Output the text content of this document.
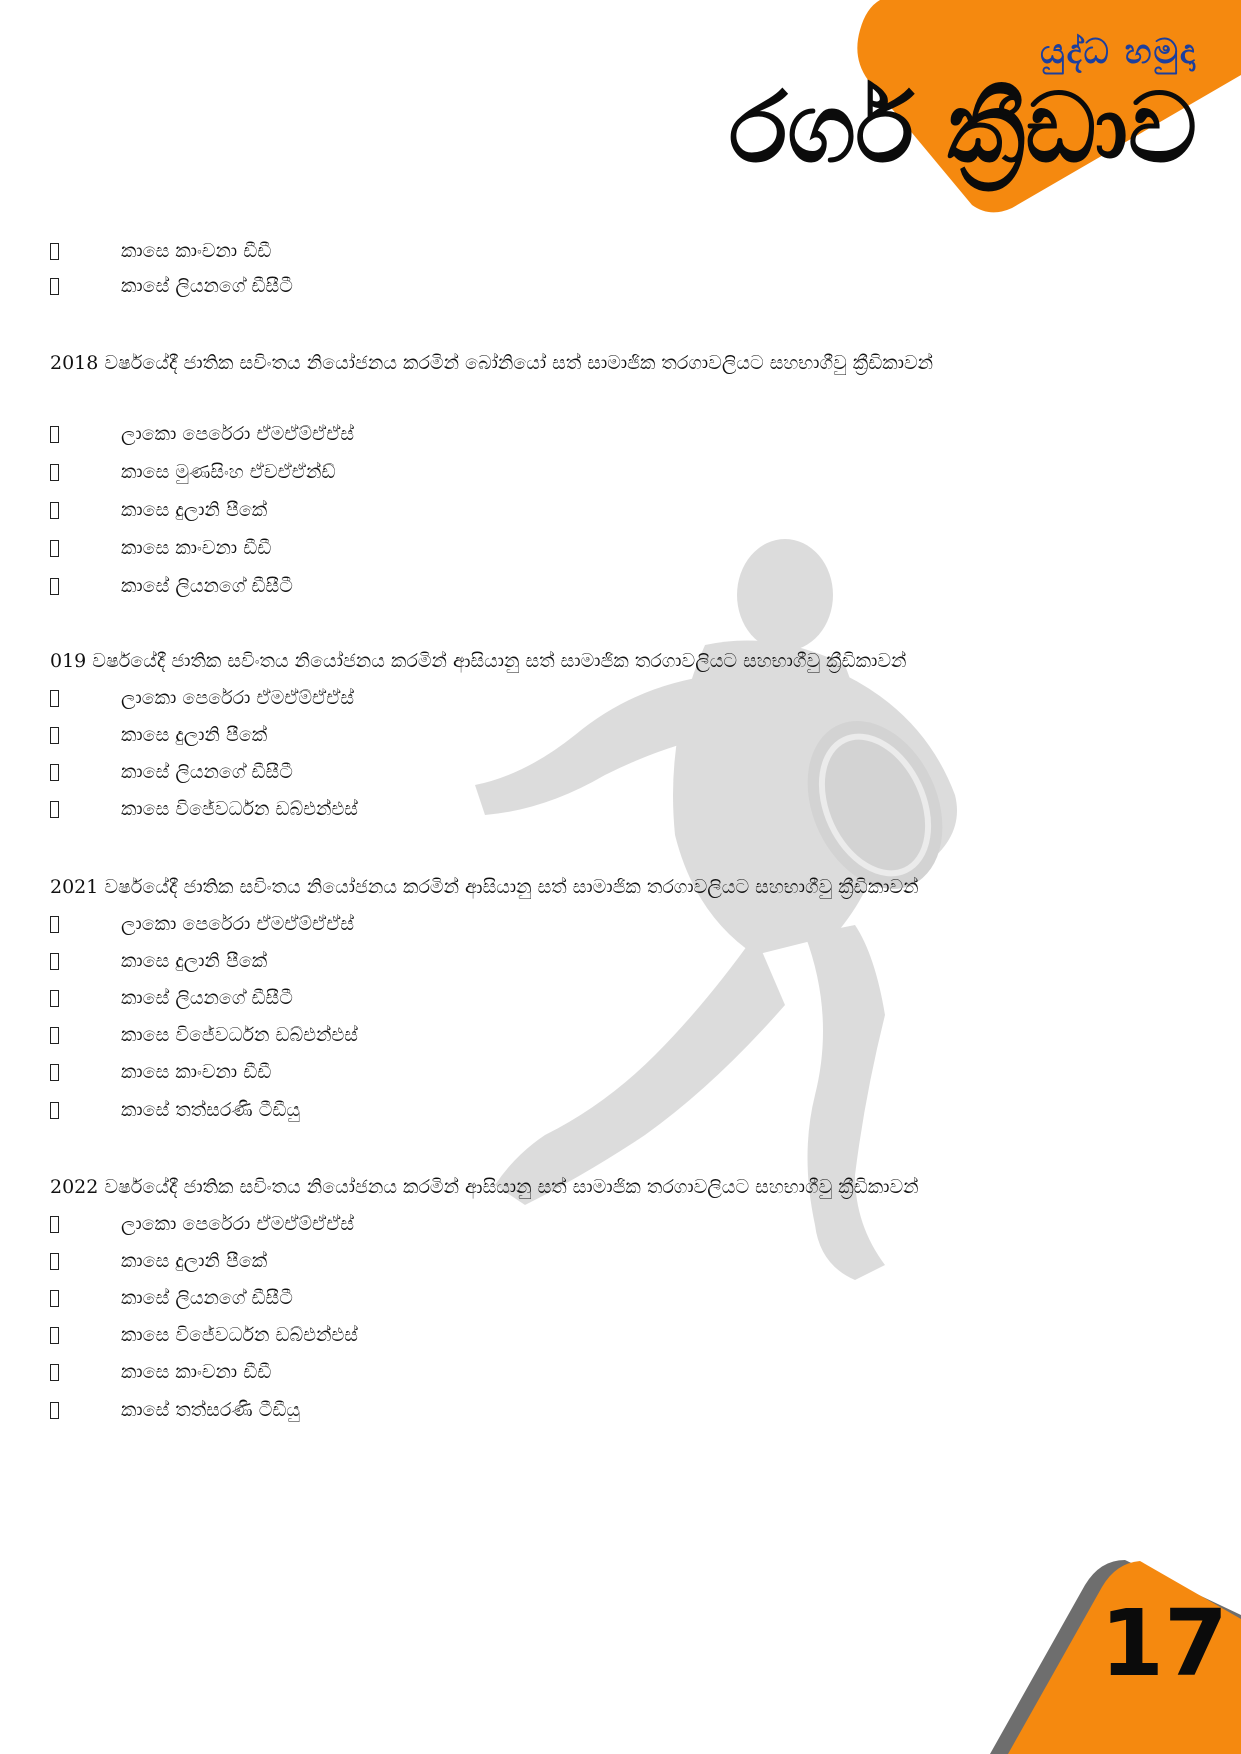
යුද්ධ හමුදා
රගර් ක්‍රීඩාව
කාසෙ කාංචනා ඩීඩී
කාසේ ලියනගේ ඩීසීටී
2018 වර්ෂයේදී ජාතික සවිංතය නියෝජනය කරමින් බෝනියෝ සත් සාමාජික තරගාවලියට සහභාගීවු ක්‍රීඩිකාවන්
ලාකො පෙරේරා ඒමඒම්ඒඒස්
කාසෙ මුණසිංහ ඒචඒඒන්ඩ්
කාසෙ දුලානි පීකේ
කාසෙ කාංචනා ඩීඩී
කාසේ ලියනගේ ඩීසීටී
019 වර්ෂයේදී ජාතික සවිංතය නියෝජනය කරමින් ආසියානු සත් සාමාජික තරගාවලියට සහභාගීවු ක්‍රීඩිකාවන්
ලාකො පෙරේරා ඒමඒම්ඒඒස්
කාසෙ දුලානි පීකේ
කාසේ ලියනගේ ඩීසීටී
කාසෙ විජේවර්ධන ඩබ්එන්එස්
2021 වර්ෂයේදී ජාතික සවිංතය නියෝජනය කරමින් ආසියානු සත් සාමාජික තරගාවලියට සහභාගීවු ක්‍රීඩිකාවන්
ලාකො පෙරේරා ඒමඒම්ඒඒස්
කාසෙ දුලානි පීකේ
කාසේ ලියනගේ ඩීසීටී
කාසෙ විජේවර්ධන ඩබ්එන්එස්
කාසෙ කාංචනා ඩීඩී
කාසේ තත්සරණි ටීඩීයු
2022 වර්ෂයේදී ජාතික සවිංතය නියෝජනය කරමින් ආසියානු සත් සාමාජික තරගාවලියට සහභාගීවු ක්‍රීඩිකාවන්
ලාකො පෙරේරා ඒමඒම්ඒඒස්
කාසෙ දුලානි පීකේ
කාසේ ලියනගේ ඩීසීටී
කාසෙ විජේවර්ධන ඩබ්එන්එස්
කාසෙ කාංචනා ඩීඩී
කාසේ තත්සරණි ටීඩීයු
17
